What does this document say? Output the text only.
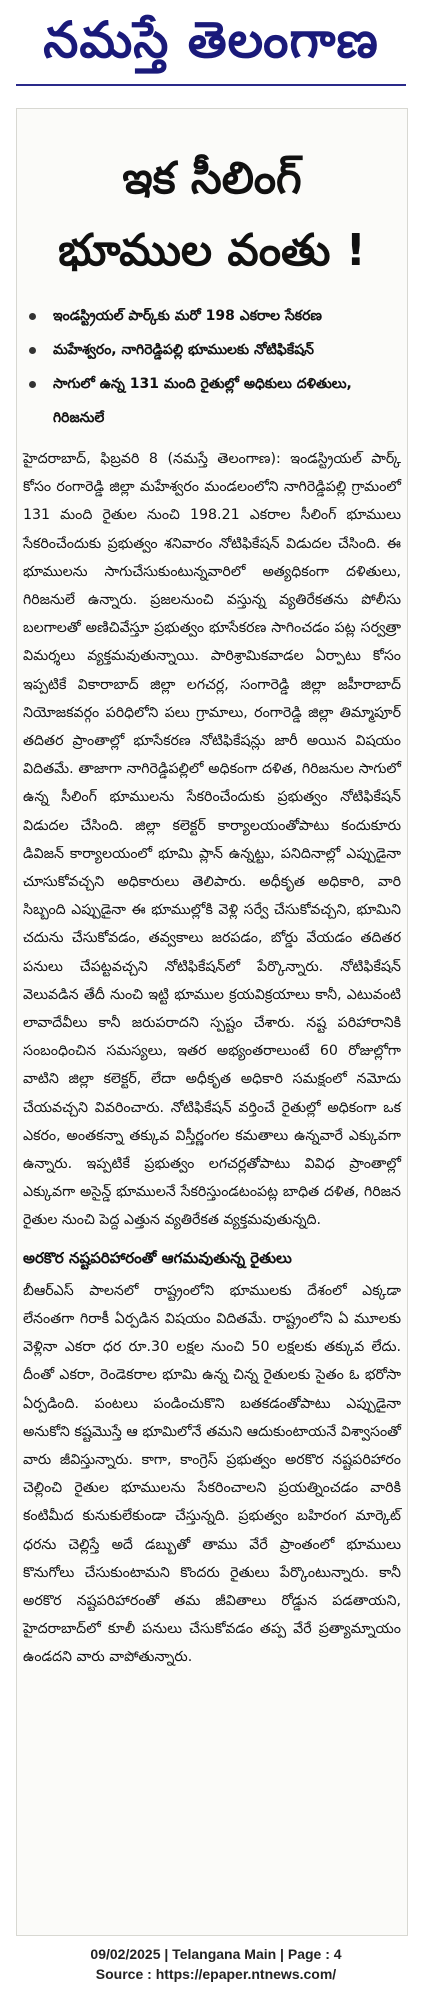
నమస్తే తెలంగాణ
ఇక సీలింగ్
భూముల వంతు !
ఇండస్ట్రియల్ పార్క్‌కు మరో 198 ఎకరాల సేకరణ
మహేశ్వరం, నాగిరెడ్డిపల్లి భూములకు నోటిఫికేషన్
సాగులో ఉన్న 131 మంది రైతుల్లో అధికులు దళితులు, గిరిజనులే

హైదరాబాద్, ఫిబ్రవరి 8 (నమస్తే తెలంగాణ): ఇండస్ట్రియల్ పార్క్ కోసం రంగారెడ్డి జిల్లా మహేశ్వరం మండలంలోని నాగిరెడ్డిపల్లి గ్రామంలో 131 మంది రైతుల నుంచి 198.21 ఎకరాల సీలింగ్ భూములు సేకరించేందుకు ప్రభుత్వం శనివారం నోటిఫికేషన్ విడుదల చేసింది. ఈ భూములను సాగుచేసుకుంటున్నవారిలో అత్యధికంగా దళితులు, గిరిజనులే ఉన్నారు. ప్రజలనుంచి వస్తున్న వ్యతిరేకతను పోలీసు బలగాలతో అణిచివేస్తూ ప్రభుత్వం భూసేకరణ సాగించడం పట్ల సర్వత్రా విమర్శలు వ్యక్తమవుతున్నాయి. పారిశ్రామికవాడల ఏర్పాటు కోసం ఇప్పటికే వికారాబాద్ జిల్లా లగచర్ల, సంగారెడ్డి జిల్లా జహీరాబాద్ నియోజకవర్గం పరిధిలోని పలు గ్రామాలు, రంగారెడ్డి జిల్లా తిమ్మాపూర్ తదితర ప్రాంతాల్లో భూసేకరణ నోటిఫికేషన్లు జారీ అయిన విషయం విదితమే. తాజాగా నాగిరెడ్డిపల్లిలో అధికంగా దళిత, గిరిజనుల సాగులో ఉన్న సీలింగ్ భూములను సేకరించేందుకు ప్రభుత్వం నోటిఫికేషన్ విడుదల చేసింది. జిల్లా కలెక్టర్ కార్యాలయంతోపాటు కందుకూరు డివిజన్ కార్యాలయంలో భూమి ప్లాన్ ఉన్నట్టు, పనిదినాల్లో ఎప్పుడైనా చూసుకోవచ్చని అధికారులు తెలిపారు. అధీకృత అధికారి, వారి సిబ్బంది ఎప్పుడైనా ఈ భూముల్లోకి వెళ్లి సర్వే చేసుకోవచ్చని, భూమిని చదును చేసుకోవడం, తవ్వకాలు జరపడం, బోర్డు వేయడం తదితర పనులు చేపట్టవచ్చని నోటిఫికేషన్‌లో పేర్కొన్నారు. నోటిఫికేషన్ వెలువడిన తేదీ నుంచి ఇట్టి భూముల క్రయవిక్రయాలు కానీ, ఎటువంటి లావాదేవీలు కానీ జరుపరాదని స్పష్టం చేశారు. నష్ట పరిహారానికి సంబంధించిన సమస్యలు, ఇతర అభ్యంతరాలుంటే 60 రోజుల్లోగా వాటిని జిల్లా కలెక్టర్, లేదా అధీకృత అధికారి సమక్షంలో నమోదు చేయవచ్చని వివరించారు. నోటిఫికేషన్ వర్తించే రైతుల్లో అధికంగా ఒక ఎకరం, అంతకన్నా తక్కువ విస్తీర్ణంగల కమతాలు ఉన్నవారే ఎక్కువగా ఉన్నారు. ఇప్పటికే ప్రభుత్వం లగచర్లతోపాటు వివిధ ప్రాంతాల్లో ఎక్కువగా అసైన్డ్ భూములనే సేకరిస్తుండటంపట్ల బాధిత దళిత, గిరిజన రైతుల నుంచి పెద్ద ఎత్తున వ్యతిరేకత వ్యక్తమవుతున్నది.

అరకొర నష్టపరిహారంతో ఆగమవుతున్న రైతులు

బీఆర్ఎస్ పాలనలో రాష్ట్రంలోని భూములకు దేశంలో ఎక్కడా లేనంతగా గిరాకీ ఏర్పడిన విషయం విదితమే. రాష్ట్రంలోని ఏ మూలకు వెళ్లినా ఎకరా ధర రూ.30 లక్షల నుంచి 50 లక్షలకు తక్కువ లేదు. దీంతో ఎకరా, రెండెకరాల భూమి ఉన్న చిన్న రైతులకు సైతం ఓ భరోసా ఏర్పడింది. పంటలు పండించుకొని బతకడంతోపాటు ఎప్పుడైనా అనుకోని కష్టమొస్తే ఆ భూమిలోనే తమని ఆదుకుంటాయనే విశ్వాసంతో వారు జీవిస్తున్నారు. కాగా, కాంగ్రెస్ ప్రభుత్వం అరకొర నష్టపరిహారం చెల్లించి రైతుల భూములను సేకరించాలని ప్రయత్నించడం వారికి కంటిమీద కునుకులేకుండా చేస్తున్నది. ప్రభుత్వం బహిరంగ మార్కెట్ ధరను చెల్లిస్తే అదే డబ్బుతో తాము వేరే ప్రాంతంలో భూములు కొనుగోలు చేసుకుంటామని కొందరు రైతులు పేర్కొంటున్నారు. కానీ అరకొర నష్టపరిహారంతో తమ జీవితాలు రోడ్డున పడతాయని, హైదరాబాద్‌లో కూలీ పనులు చేసుకోవడం తప్ప వేరే ప్రత్యామ్నాయం ఉండదని వారు వాపోతున్నారు.

09/02/2025 | Telangana Main | Page : 4
Source : https://epaper.ntnews.com/
